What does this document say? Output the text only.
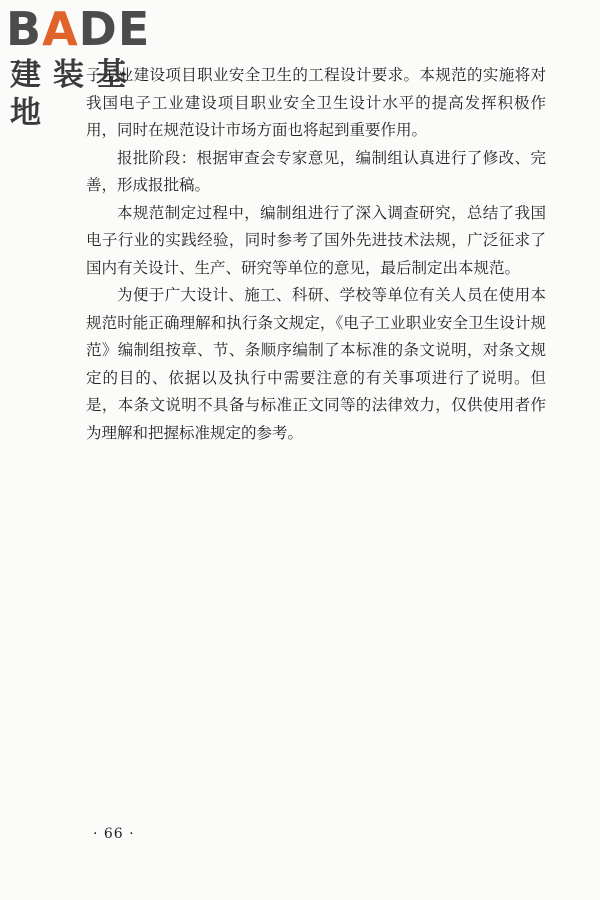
BADE
建装基地

子工业建设项目职业安全卫生的工程设计要求。本规范的实施将对我国电子工业建设项目职业安全卫生设计水平的提高发挥积极作用，同时在规范设计市场方面也将起到重要作用。

报批阶段：根据审查会专家意见，编制组认真进行了修改、完善，形成报批稿。

本规范制定过程中，编制组进行了深入调查研究，总结了我国电子行业的实践经验，同时参考了国外先进技术法规，广泛征求了国内有关设计、生产、研究等单位的意见，最后制定出本规范。

为便于广大设计、施工、科研、学校等单位有关人员在使用本规范时能正确理解和执行条文规定，《电子工业职业安全卫生设计规范》编制组按章、节、条顺序编制了本标准的条文说明，对条文规定的目的、依据以及执行中需要注意的有关事项进行了说明。但是，本条文说明不具备与标准正文同等的法律效力，仅供使用者作为理解和把握标准规定的参考。

· 66 ·
